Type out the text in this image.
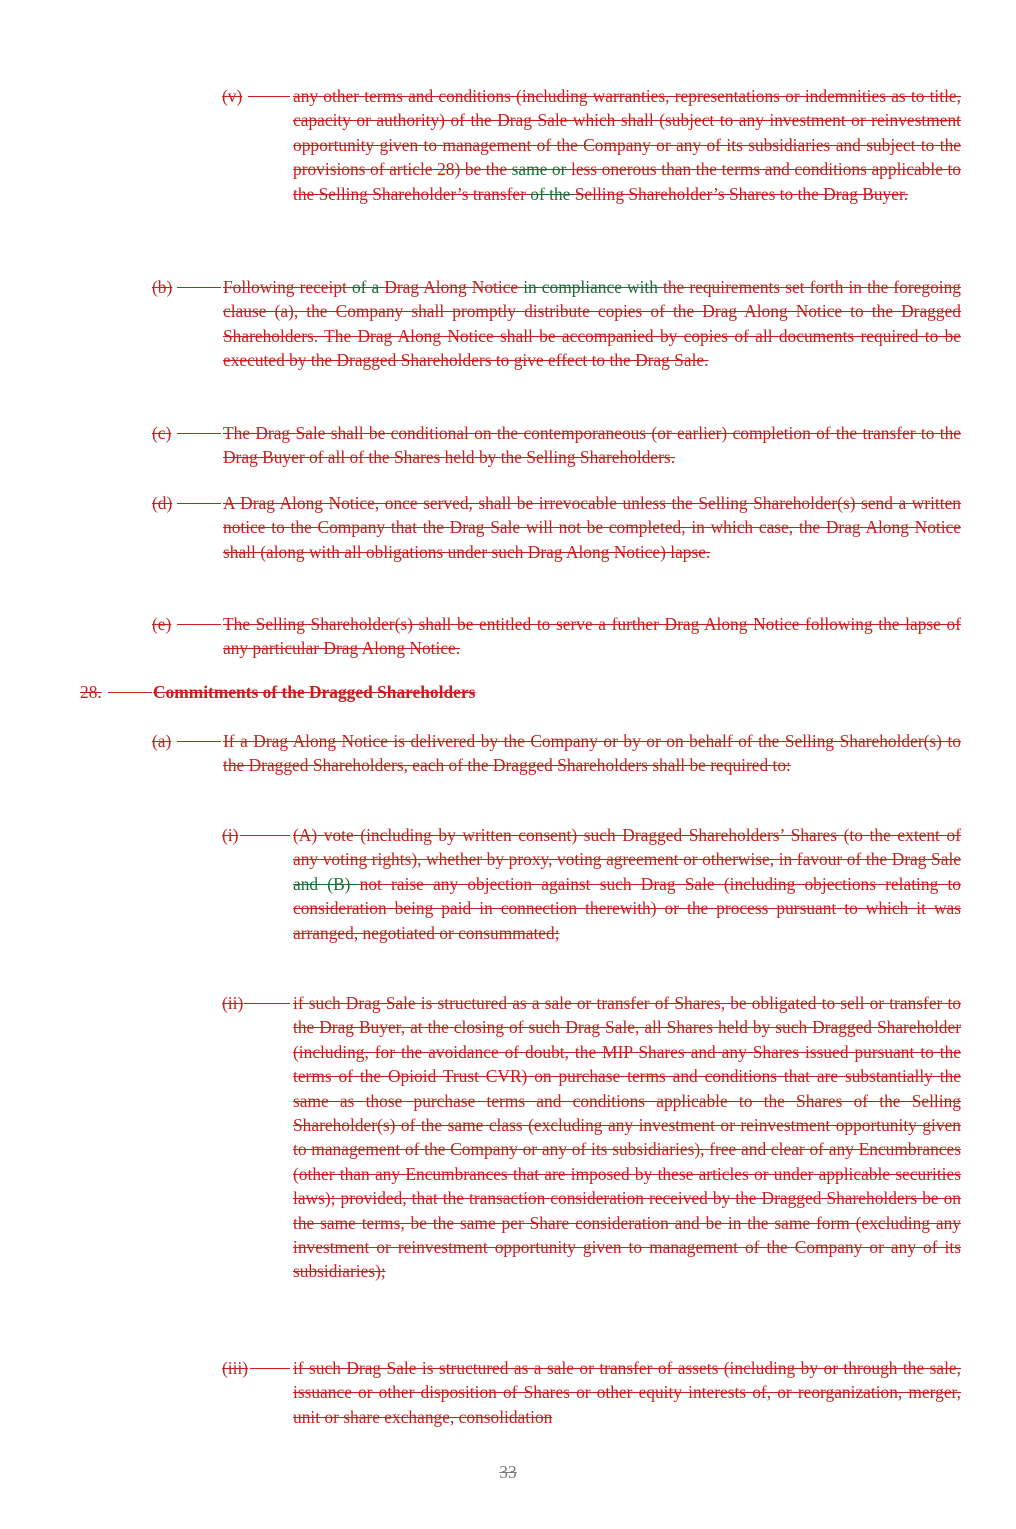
(v)	any other terms and conditions (including warranties, representations or indemnities as to title, capacity or authority) of the Drag Sale which shall (subject to any investment or reinvestment opportunity given to management of the Company or any of its subsidiaries and subject to the provisions of article 28) be the same or less onerous than the terms and conditions applicable to the Selling Shareholder’s transfer of the Selling Shareholder’s Shares to the Drag Buyer.
(b)	Following receipt of a Drag Along Notice in compliance with the requirements set forth in the foregoing clause (a), the Company shall promptly distribute copies of the Drag Along Notice to the Dragged Shareholders. The Drag Along Notice shall be accompanied by copies of all documents required to be executed by the Dragged Shareholders to give effect to the Drag Sale.
(c)	The Drag Sale shall be conditional on the contemporaneous (or earlier) completion of the transfer to the Drag Buyer of all of the Shares held by the Selling Shareholders.
(d)	A Drag Along Notice, once served, shall be irrevocable unless the Selling Shareholder(s) send a written notice to the Company that the Drag Sale will not be completed, in which case, the Drag Along Notice shall (along with all obligations under such Drag Along Notice) lapse.
(e)	The Selling Shareholder(s) shall be entitled to serve a further Drag Along Notice following the lapse of any particular Drag Along Notice.
28.	Commitments of the Dragged Shareholders
(a)	If a Drag Along Notice is delivered by the Company or by or on behalf of the Selling Shareholder(s) to the Dragged Shareholders, each of the Dragged Shareholders shall be required to:
(i)	(A) vote (including by written consent) such Dragged Shareholders’ Shares (to the extent of any voting rights), whether by proxy, voting agreement or otherwise, in favour of the Drag Sale and (B) not raise any objection against such Drag Sale (including objections relating to consideration being paid in connection therewith) or the process pursuant to which it was arranged, negotiated or consummated;
(ii)	if such Drag Sale is structured as a sale or transfer of Shares, be obligated to sell or transfer to the Drag Buyer, at the closing of such Drag Sale, all Shares held by such Dragged Shareholder (including, for the avoidance of doubt, the MIP Shares and any Shares issued pursuant to the terms of the Opioid Trust CVR) on purchase terms and conditions that are substantially the same as those purchase terms and conditions applicable to the Shares of the Selling Shareholder(s) of the same class (excluding any investment or reinvestment opportunity given to management of the Company or any of its subsidiaries), free and clear of any Encumbrances (other than any Encumbrances that are imposed by these articles or under applicable securities laws); provided, that the transaction consideration received by the Dragged Shareholders be on the same terms, be the same per Share consideration and be in the same form (excluding any investment or reinvestment opportunity given to management of the Company or any of its subsidiaries);
(iii)	if such Drag Sale is structured as a sale or transfer of assets (including by or through the sale, issuance or other disposition of Shares or other equity interests of, or reorganization, merger, unit or share exchange, consolidation
33
